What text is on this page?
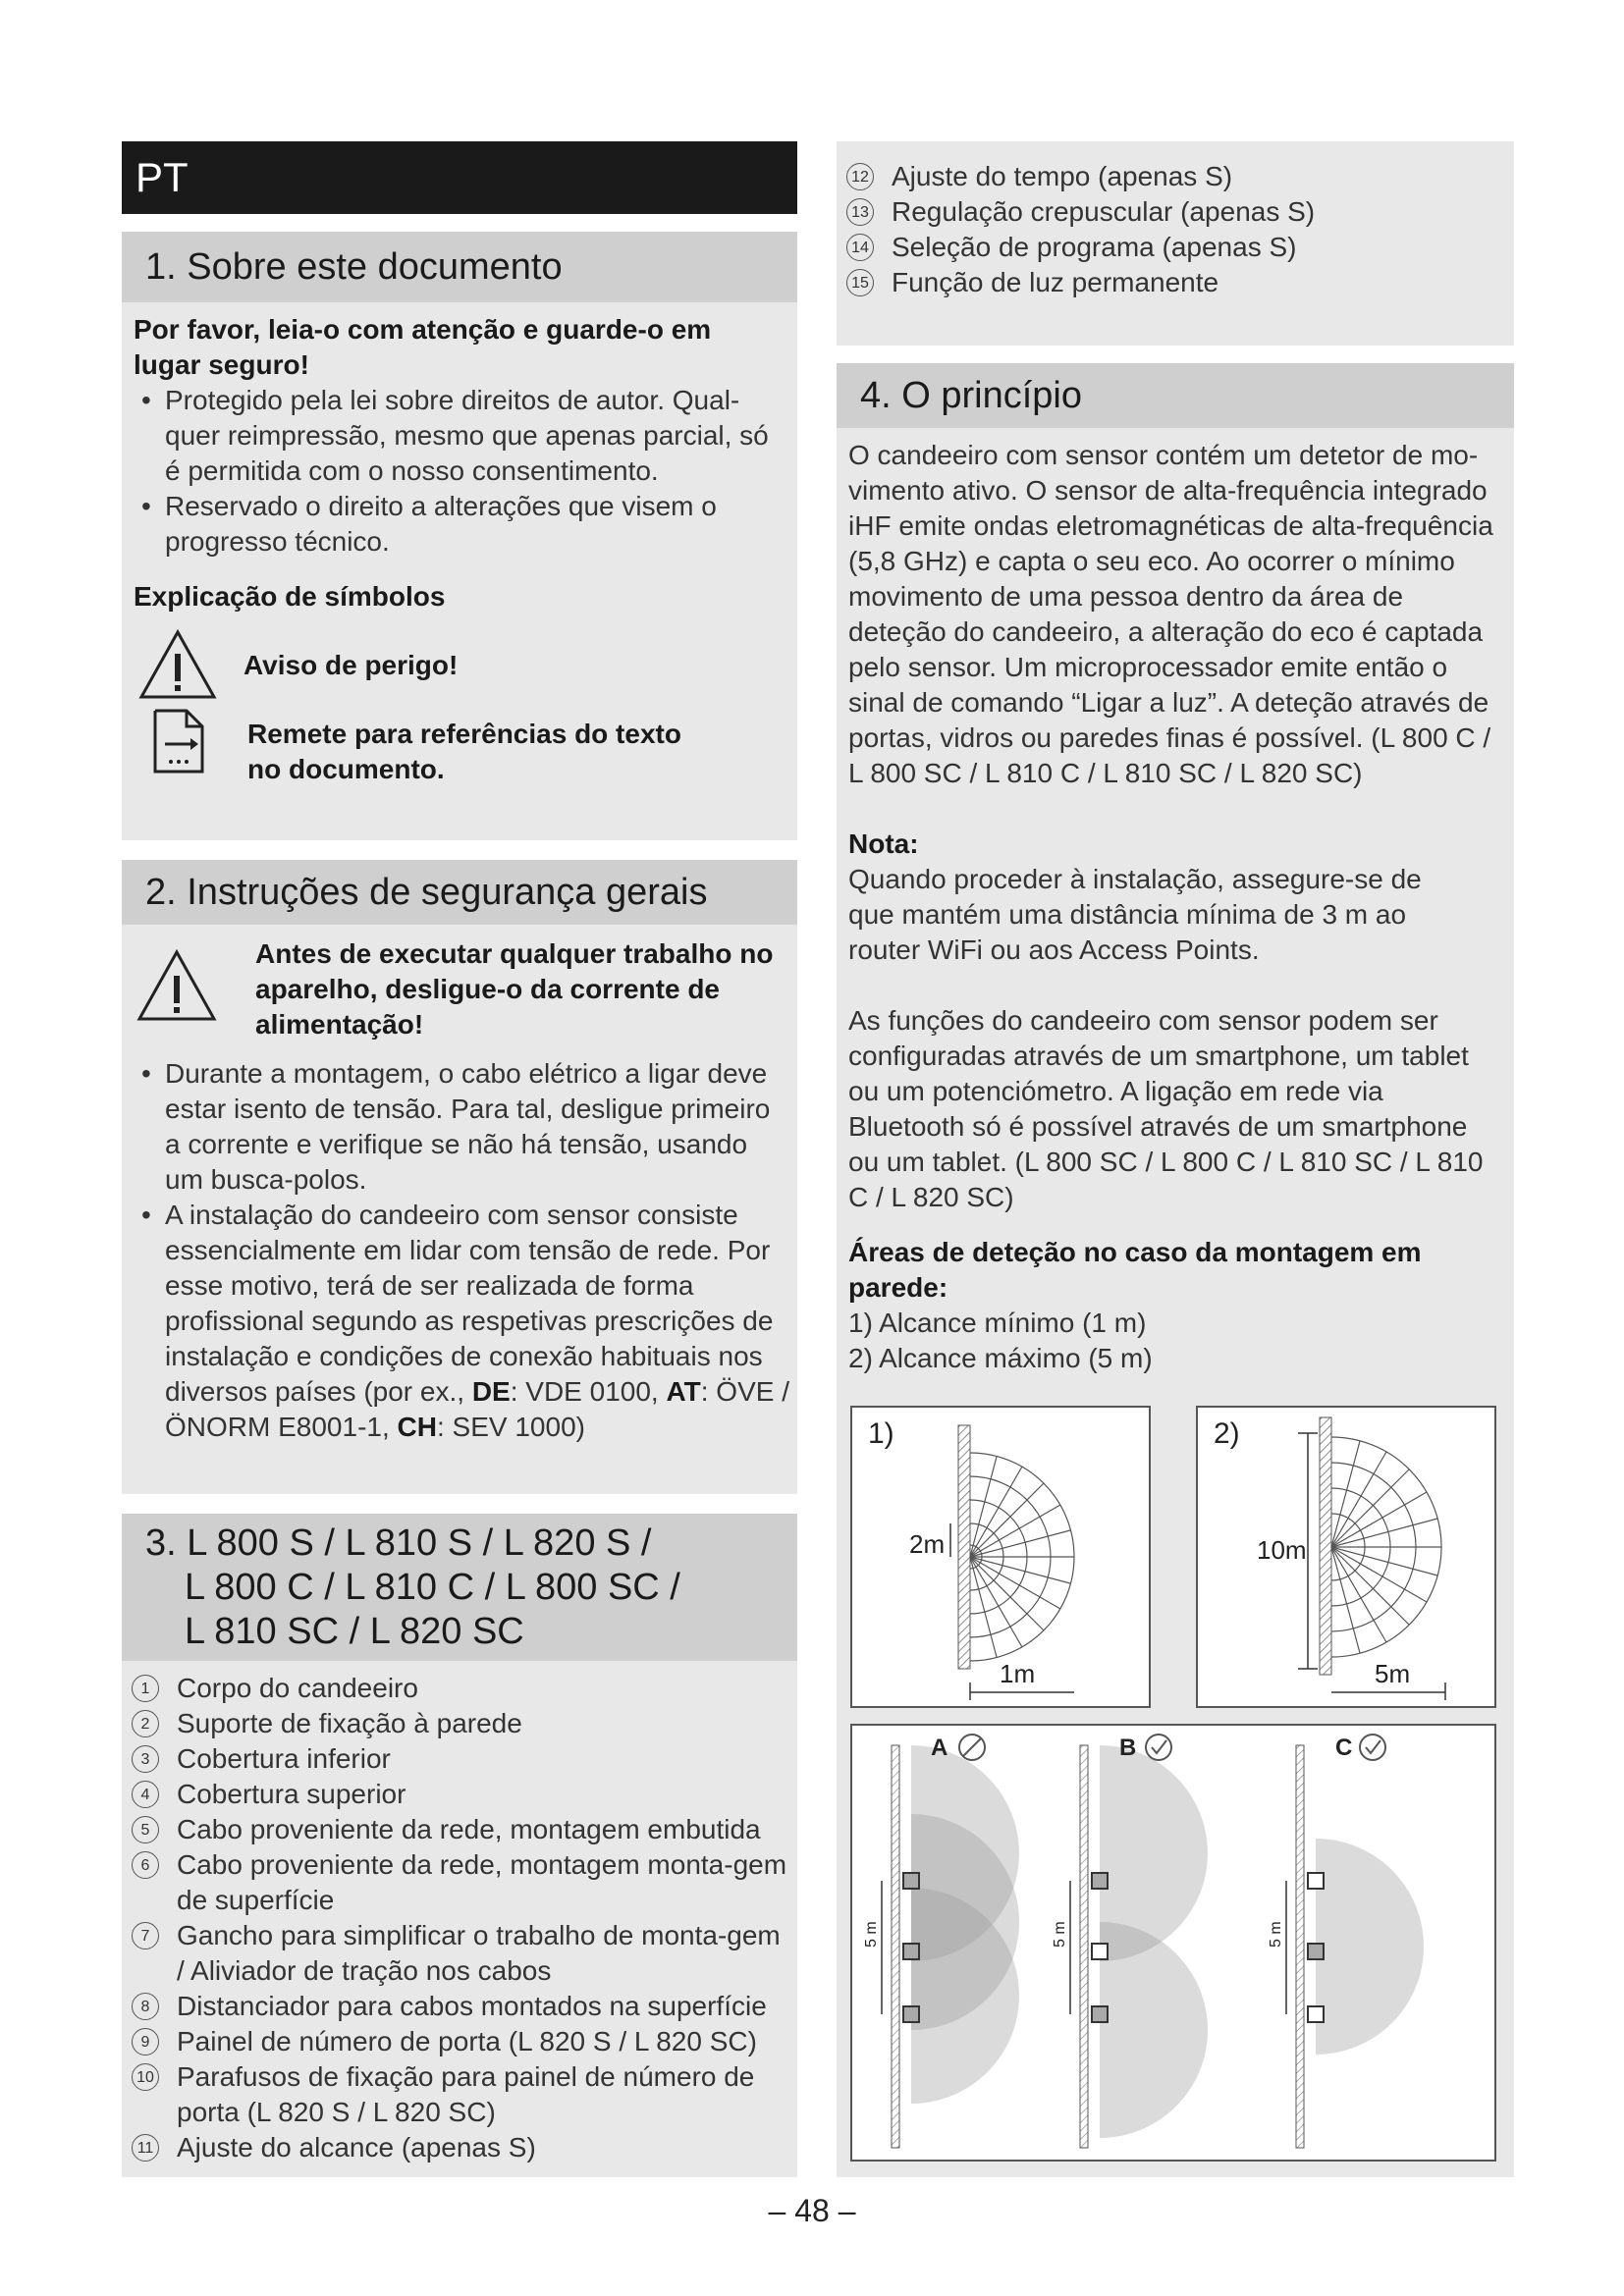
PT
1. Sobre este documento
Por favor, leia-o com atenção e guarde-o em lugar seguro!
• Protegido pela lei sobre direitos de autor. Qual-quer reimpressão, mesmo que apenas parcial, só é permitida com o nosso consentimento.
• Reservado o direito a alterações que visem o progresso técnico.
Explicação de símbolos
Aviso de perigo!
Remete para referências do texto no documento.
2. Instruções de segurança gerais
Antes de executar qualquer trabalho no aparelho, desligue-o da corrente de alimentação!
• Durante a montagem, o cabo elétrico a ligar deve estar isento de tensão. Para tal, desligue primeiro a corrente e verifique se não há tensão, usando um busca-polos.
• A instalação do candeeiro com sensor consiste essencialmente em lidar com tensão de rede. Por esse motivo, terá de ser realizada de forma profissional segundo as respetivas prescrições de instalação e condições de conexão habituais nos diversos países (por ex., DE: VDE 0100, AT: ÖVE / ÖNORM E8001-1, CH: SEV 1000)
3. L 800 S / L 810 S / L 820 S /
L 800 C / L 810 C / L 800 SC /
L 810 SC / L 820 SC
1 Corpo do candeeiro
2 Suporte de fixação à parede
3 Cobertura inferior
4 Cobertura superior
5 Cabo proveniente da rede, montagem embutida
6 Cabo proveniente da rede, montagem monta-gem de superfície
7 Gancho para simplificar o trabalho de monta-gem / Aliviador de tração nos cabos
8 Distanciador para cabos montados na superfície
9 Painel de número de porta (L 820 S / L 820 SC)
10 Parafusos de fixação para painel de número de porta (L 820 S / L 820 SC)
11 Ajuste do alcance (apenas S)
12 Ajuste do tempo (apenas S)
13 Regulação crepuscular (apenas S)
14 Seleção de programa (apenas S)
15 Função de luz permanente
4. O princípio
O candeeiro com sensor contém um detetor de mo-vimento ativo. O sensor de alta-frequência integrado iHF emite ondas eletromagnéticas de alta-frequência (5,8 GHz) e capta o seu eco. Ao ocorrer o mínimo movimento de uma pessoa dentro da área de deteção do candeeiro, a alteração do eco é captada pelo sensor. Um microprocessador emite então o sinal de comando “Ligar a luz”. A deteção através de portas, vidros ou paredes finas é possível. (L 800 C / L 800 SC / L 810 C / L 810 SC / L 820 SC)
Nota:
Quando proceder à instalação, assegure-se de que mantém uma distância mínima de 3 m ao router WiFi ou aos Access Points.
As funções do candeeiro com sensor podem ser configuradas através de um smartphone, um tablet ou um potenciómetro. A ligação em rede via Bluetooth só é possível através de um smartphone ou um tablet. (L 800 SC / L 800 C / L 810 SC / L 810 C / L 820 SC)
Áreas de deteção no caso da montagem em parede:
1) Alcance mínimo (1 m)
2) Alcance máximo (5 m)
1)
2m
1m
2)
10m
5m
A
5 m
B
5 m
C
5 m
– 48 –
